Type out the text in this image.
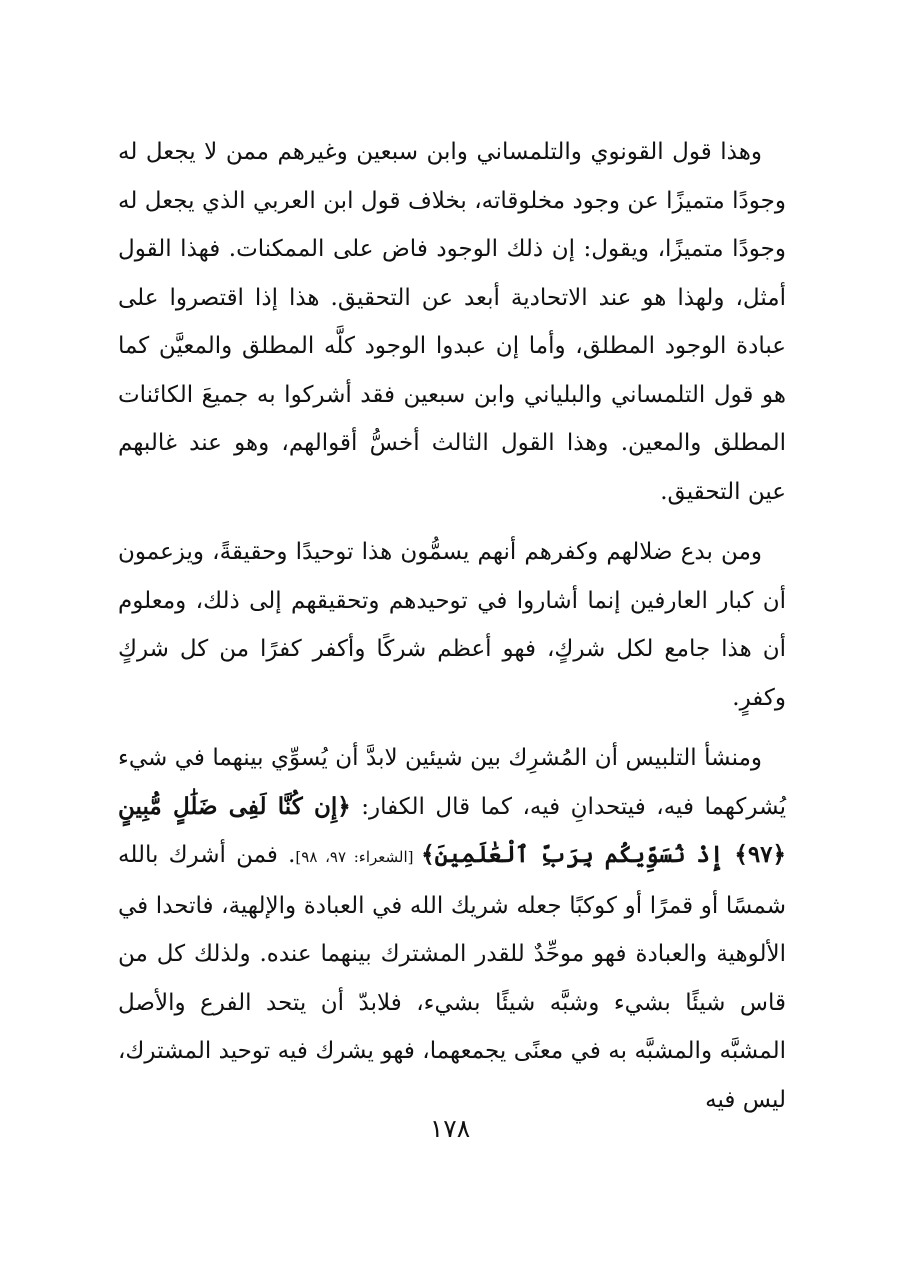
وهذا قول القونوي والتلمساني وابن سبعين وغيرهم ممن لا يجعل له وجودًا متميزًا عن وجود مخلوقاته، بخلاف قول ابن العربي الذي يجعل له وجودًا متميزًا، ويقول: إن ذلك الوجود فاض على الممكنات. فهذا القول أمثل، ولهذا هو عند الاتحادية أبعد عن التحقيق. هذا إذا اقتصروا على عبادة الوجود المطلق، وأما إن عبدوا الوجود كلَّه المطلق والمعيَّن كما هو قول التلمساني والبلياني وابن سبعين فقد أشركوا به جميعَ الكائنات المطلق والمعين. وهذا القول الثالث أخسُّ أقوالهم، وهو عند غالبهم عين التحقيق.

ومن بدع ضلالهم وكفرهم أنهم يسمُّون هذا توحيدًا وحقيقةً، ويزعمون أن كبار العارفين إنما أشاروا في توحيدهم وتحقيقهم إلى ذلك، ومعلوم أن هذا جامع لكل شركٍ، فهو أعظم شركًا وأكفر كفرًا من كل شركٍ وكفرٍ.

ومنشأ التلبيس أن المُشرِك بين شيئين لابدَّ أن يُسوِّي بينهما في شيء يُشركهما فيه، فيتحدانِ فيه، كما قال الكفار: ﴿إِن كُنَّا لَفِى ضَلَٰلٍ مُّبِينٍ ﴿٩٧﴾ إِذْ نُسَوِّيكُم بِرَبِّ ٱلْعَٰلَمِينَ﴾ [الشعراء: ٩٧، ٩٨]. فمن أشرك بالله شمسًا أو قمرًا أو كوكبًا جعله شريك الله في العبادة والإلهية، فاتحدا في الألوهية والعبادة فهو موحِّدٌ للقدر المشترك بينهما عنده. ولذلك كل من قاس شيئًا بشيء وشبَّه شيئًا بشيء، فلابدّ أن يتحد الفرع والأصل المشبَّه والمشبَّه به في معنًى يجمعهما، فهو يشرك فيه توحيد المشترك، ليس فيه

١٧٨
